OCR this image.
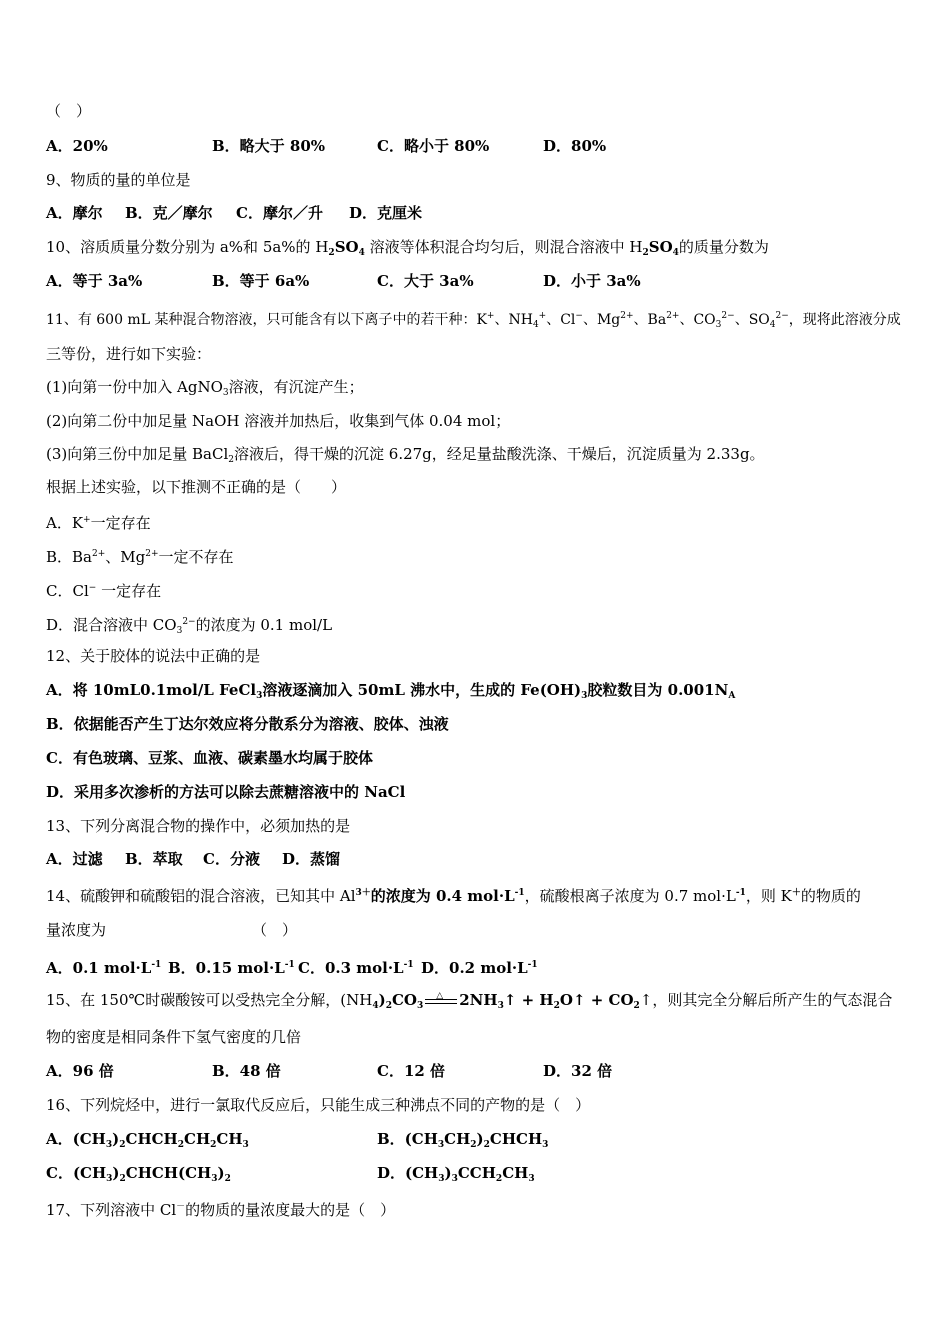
（　）
A．20%	B．略大于 80%	C．略小于 80%	D．80%
9、物质的量的单位是
A．摩尔 B．克／摩尔 C．摩尔／升 D．克厘米
10、溶质质量分数分别为 a%和 5a%的 $H_2SO_4$ 溶液等体积混合均匀后，则混合溶液中 $H_2SO_4$的质量分数为
A．等于 3a%	B．等于 6a%	C．大于 3a%	D．小于 3a%
11、有 600 mL 某种混合物溶液，只可能含有以下离子中的若干种：K+、$NH_4^+$、Cl−、$Mg^{2+}$、$Ba^{2+}$、$CO_3^{2-}$、$SO_4^{2-}$，现将此溶液分成
三等份，进行如下实验：
(1)向第一份中加入 AgNO$_3$溶液，有沉淀产生；
(2)向第二份中加足量 NaOH 溶液并加热后，收集到气体 0.04 mol；
(3)向第三份中加足量 BaCl$_2$溶液后，得干燥的沉淀 6.27g，经足量盐酸洗涤、干燥后，沉淀质量为 2.33g。
根据上述实验，以下推测不正确的是（　　）
A．K+一定存在
B．$Ba^{2+}$、$Mg^{2+}$一定不存在
C．Cl− 一定存在
D．混合溶液中 $CO_3^{2-}$的浓度为 0.1 mol/L
12、关于胶体的说法中正确的是
A．将 10mL0.1mol/L FeCl$_3$溶液逐滴加入 50mL 沸水中，生成的 $Fe(OH)_3$胶粒数目为 $0.001N_A$
B．依据能否产生丁达尔效应将分散系分为溶液、胶体、浊液
C．有色玻璃、豆浆、血液、碳素墨水均属于胶体
D．采用多次渗析的方法可以除去蔗糖溶液中的 NaCl
13、下列分离混合物的操作中，必须加热的是
A．过滤 B．萃取 C．分液 D．蒸馏
14、硫酸钾和硫酸铝的混合溶液，已知其中 $Al^{3+}$的浓度为 0.4 $mol\cdot L^{-1}$，硫酸根离子浓度为 0.7 $mol\cdot L^{-1}$，则 K＋的物质的
量浓度为	（　）
A．0.1 $mol\cdot L^{-1}$ B．0.15 $mol\cdot L^{-1}$ C．0.3 $mol\cdot L^{-1}$ D．0.2 $mol\cdot L^{-1}$
15、在 150℃时碳酸铵可以受热完全分解，$(NH_4)_2CO_3$
△ $2NH_3↑$ + $H_2O↑$ + $CO_2↑$，则其完全分解后所产生的气态混合
物的密度是相同条件下氢气密度的几倍
A．96 倍	B．48 倍	C．12 倍	D．32 倍
16、下列烷烃中，进行一氯取代反应后，只能生成三种沸点不同的产物的是（　）
A．$(CH_3)_2CHCH_2CH_2CH_3$	B．$(CH_3CH_2)_2CHCH_3$
C．$(CH_3)_2CHCH(CH_3)_2$	D．$(CH_3)_3CCH_2CH_3$
17、下列溶液中 Cl－的物质的量浓度最大的是（　）
